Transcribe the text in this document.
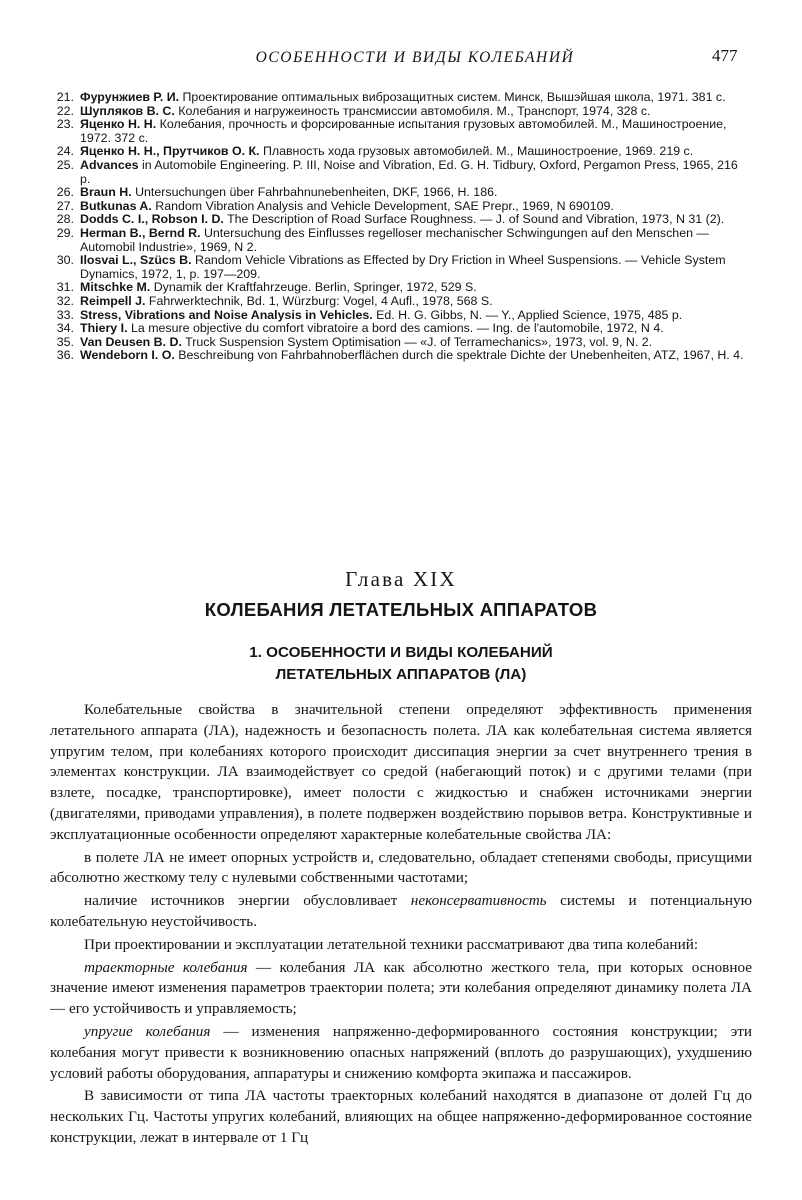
ОСОБЕННОСТИ И ВИДЫ КОЛЕБАНИЙ	477
21. Фурунжиев Р. И. Проектирование оптимальных виброзащитных систем. Минск, Вышэйшая школа, 1971. 381 с.
22. Шупляков В. С. Колебания и нагружеиность трансмиссии автомобиля. М., Транспорт, 1974, 328 с.
23. Яценко Н. Н. Колебания, прочность и форсированные испытания грузовых автомобилей. М., Машиностроение, 1972. 372 с.
24. Яценко Н. Н., Прутчиков О. К. Плавность хода грузовых автомобилей. М., Машиностроение, 1969. 219 с.
25. Advances in Automobile Engineering. P. III, Noise and Vibration, Ed. G. H. Tidbury, Oxford, Pergamon Press, 1965, 216 p.
26. Braun H. Untersuchungen über Fahrbahnunebenheiten, DKF, 1966, H. 186.
27. Butkunas A. Random Vibration Analysis and Vehicle Development, SAE Prepr., 1969, N 690109.
28. Dodds C. I., Robson I. D. The Description of Road Surface Roughness. — J. of Sound and Vibration, 1973, N 31 (2).
29. Herman B., Bernd R. Untersuchung des Einflusses regelloser mechanischer Schwingungen auf den Menschen — Automobil Industrie», 1969, N 2.
30. Ilosvai L., Szücs B. Random Vehicle Vibrations as Effected by Dry Friction in Wheel Suspensions. — Vehicle System Dynamics, 1972, 1, p. 197—209.
31. Mitschke M. Dynamik der Kraftfahrzeuge. Berlin, Springer, 1972, 529 S.
32. Reimpell J. Fahrwerktechnik, Bd. 1, Würzburg: Vogel, 4 Aufl., 1978, 568 S.
33. Stress, Vibrations and Noise Analysis in Vehicles. Ed. H. G. Gibbs, N. — Y., Applied Science, 1975, 485 p.
34. Thiery I. La mesure objective du comfort vibratoire a bord des camions. — Ing. de l'automobile, 1972, N 4.
35. Van Deusen B. D. Truck Suspension System Optimisation — «J. of Terramechanics», 1973, vol. 9, N. 2.
36. Wendeborn I. O. Beschreibung von Fahrbahnoberflächen durch die spektrale Dichte der Unebenheiten, ATZ, 1967, H. 4.
Глава XIX
КОЛЕБАНИЯ ЛЕТАТЕЛЬНЫХ АППАРАТОВ
1. ОСОБЕННОСТИ И ВИДЫ КОЛЕБАНИЙ
ЛЕТАТЕЛЬНЫХ АППАРАТОВ (ЛА)

Колебательные свойства в значительной степени определяют эффективность применения летательного аппарата (ЛА), надежность и безопасность полета. ЛА как колебательная система является упругим телом, при колебаниях которого происходит диссипация энергии за счет внутреннего трения в элементах конструкции. ЛА взаимодействует со средой (набегающий поток) и с другими телами (при взлете, посадке, транспортировке), имеет полости с жидкостью и снабжен источниками энергии (двигателями, приводами управления), в полете подвержен воздействию порывов ветра. Конструктивные и эксплуатационные особенности определяют характерные колебательные свойства ЛА:

в полете ЛА не имеет опорных устройств и, следовательно, обладает степенями свободы, присущими абсолютно жесткому телу с нулевыми собственными частотами;

наличие источников энергии обусловливает неконсервативность системы и потенциальную колебательную неустойчивость.

При проектировании и эксплуатации летательной техники рассматривают два типа колебаний:

траекторные колебания — колебания ЛА как абсолютно жесткого тела, при которых основное значение имеют изменения параметров траектории полета; эти колебания определяют динамику полета ЛА — его устойчивость и управляемость;

упругие колебания — изменения напряженно-деформированного состояния конструкции; эти колебания могут привести к возникновению опасных напряжений (вплоть до разрушающих), ухудшению условий работы оборудования, аппаратуры и снижению комфорта экипажа и пассажиров.

В зависимости от типа ЛА частоты траекторных колебаний находятся в диапазоне от долей Гц до нескольких Гц. Частоты упругих колебаний, влияющих на общее напряженно-деформированное состояние конструкции, лежат в интервале от 1 Гц
